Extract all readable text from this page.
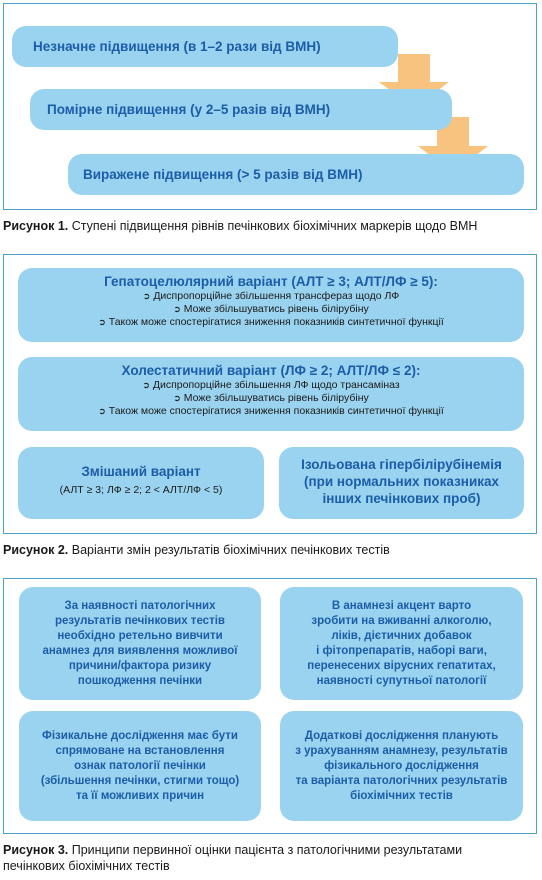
Незначне підвищення (в 1–2 рази від ВМН)
Помірне підвищення (у 2–5 разів від ВМН)
Виражене підвищення (> 5 разів від ВМН)
Рисунок 1. Ступені підвищення рівнів печінкових біохімічних маркерів щодо ВМН
Гепатоцелюлярний варіант (АЛТ ≥ 3; АЛТ/ЛФ ≥ 5):
➲ Диспропорційне збільшення трансфераз щодо ЛФ
➲ Може збільшуватись рівень білірубіну
➲ Також може спостерігатися зниження показників синтетичної функції
Холестатичний варіант (ЛФ ≥ 2; АЛТ/ЛФ ≤ 2):
➲ Диспропорційне збільшення ЛФ щодо трансаміназ
➲ Може збільшуватись рівень білірубіну
➲ Також може спостерігатися зниження показників синтетичної функції
Змішаний варіант
(АЛТ ≥ 3; ЛФ ≥ 2; 2 < АЛТ/ЛФ < 5)
Ізольована гіпербілірубінемія
(при нормальних показниках
інших печінкових проб)
Рисунок 2. Варіанти змін результатів біохімічних печінкових тестів
За наявності патологічних
результатів печінкових тестів
необхідно ретельно вивчити
анамнез для виявлення можливої
причини/фактора ризику
пошкодження печінки
В анамнезі акцент варто
зробити на вживанні алкоголю,
ліків, дієтичних добавок
і фітопрепаратів, наборі ваги,
перенесених вірусних гепатитах,
наявності супутньої патології
Фізикальне дослідження має бути
спрямоване на встановлення
ознак патології печінки
(збільшення печінки, стигми тощо)
та її можливих причин
Додаткові дослідження планують
з урахуванням анамнезу, результатів
фізикального дослідження
та варіанта патологічних результатів
біохімічних тестів
Рисунок 3. Принципи первинної оцінки пацієнта з патологічними результатами
печінкових біохімічних тестів
